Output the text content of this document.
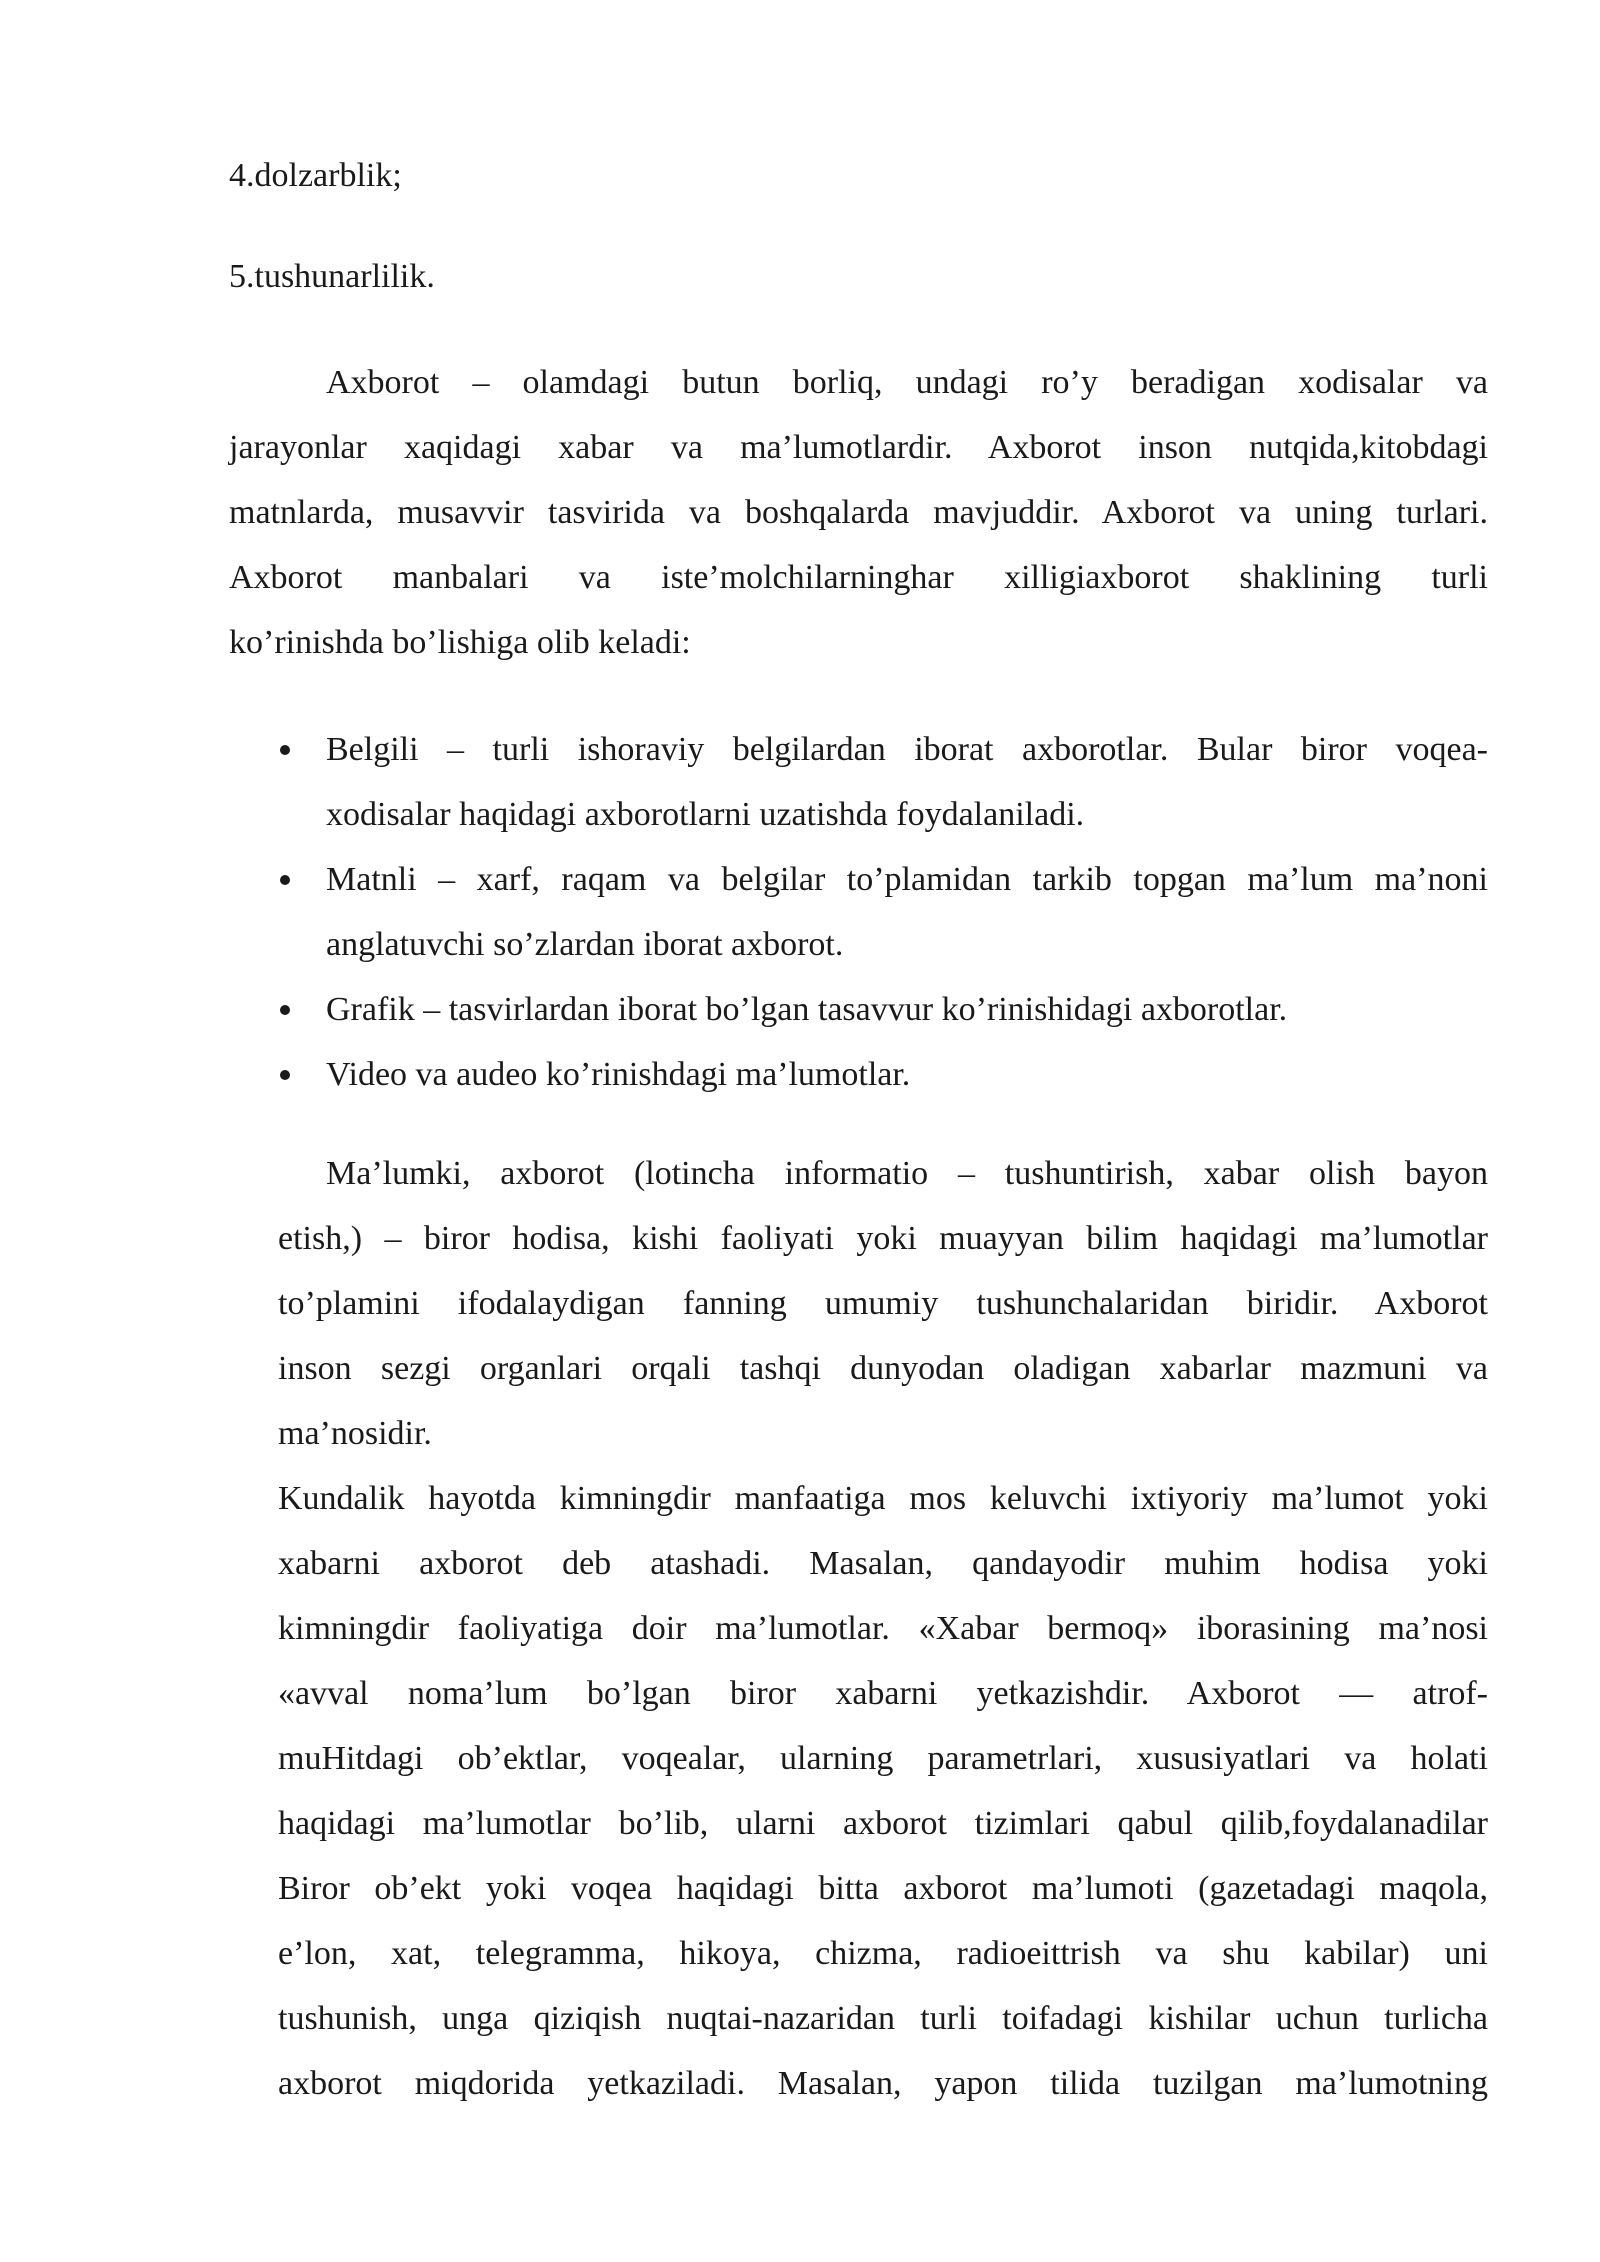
4.dolzarblik;
5.tushunarlilik.
Axborot – olamdagi butun borliq, undagi ro’y beradigan xodisalar va
jarayonlar xaqidagi xabar va ma’lumotlardir. Axborot inson nutqida,kitobdagi
matnlarda, musavvir tasvirida va boshqalarda mavjuddir. Axborot va uning turlari.
Axborot manbalari va iste’molchilarninghar xilligiaxborot shaklining turli
ko’rinishda bo’lishiga olib keladi:
Belgili – turli ishoraviy belgilardan iborat axborotlar. Bular biror voqea-
xodisalar haqidagi axborotlarni uzatishda foydalaniladi.
Matnli – xarf, raqam va belgilar to’plamidan tarkib topgan ma’lum ma’noni
anglatuvchi so’zlardan iborat axborot.
Grafik – tasvirlardan iborat bo’lgan tasavvur ko’rinishidagi axborotlar.
Video va audeo ko’rinishdagi ma’lumotlar.
Ma’lumki, axborot (lotincha informatio – tushuntirish, xabar olish bayon
etish,) – biror hodisa, kishi faoliyati yoki muayyan bilim haqidagi ma’lumotlar
to’plamini ifodalaydigan fanning umumiy tushunchalaridan biridir. Axborot
inson sezgi organlari orqali tashqi dunyodan oladigan xabarlar mazmuni va
ma’nosidir.
Kundalik hayotda kimningdir manfaatiga mos keluvchi ixtiyoriy ma’lumot yoki
xabarni axborot deb atashadi. Masalan, qandayodir muhim hodisa yoki
kimningdir faoliyatiga doir ma’lumotlar. «Xabar bermoq» iborasining ma’nosi
«avval noma’lum bo’lgan biror xabarni yetkazishdir. Axborot — atrof-
muHitdagi ob’ektlar, voqealar, ularning parametrlari, xususiyatlari va holati
haqidagi ma’lumotlar bo’lib, ularni axborot tizimlari qabul qilib,foydalanadilar
Biror ob’ekt yoki voqea haqidagi bitta axborot ma’lumoti (gazetadagi maqola,
e’lon, xat, telegramma, hikoya, chizma, radioeittrish va shu kabilar) uni
tushunish, unga qiziqish nuqtai-nazaridan turli toifadagi kishilar uchun turlicha
axborot miqdorida yetkaziladi. Masalan, yapon tilida tuzilgan ma’lumotning
